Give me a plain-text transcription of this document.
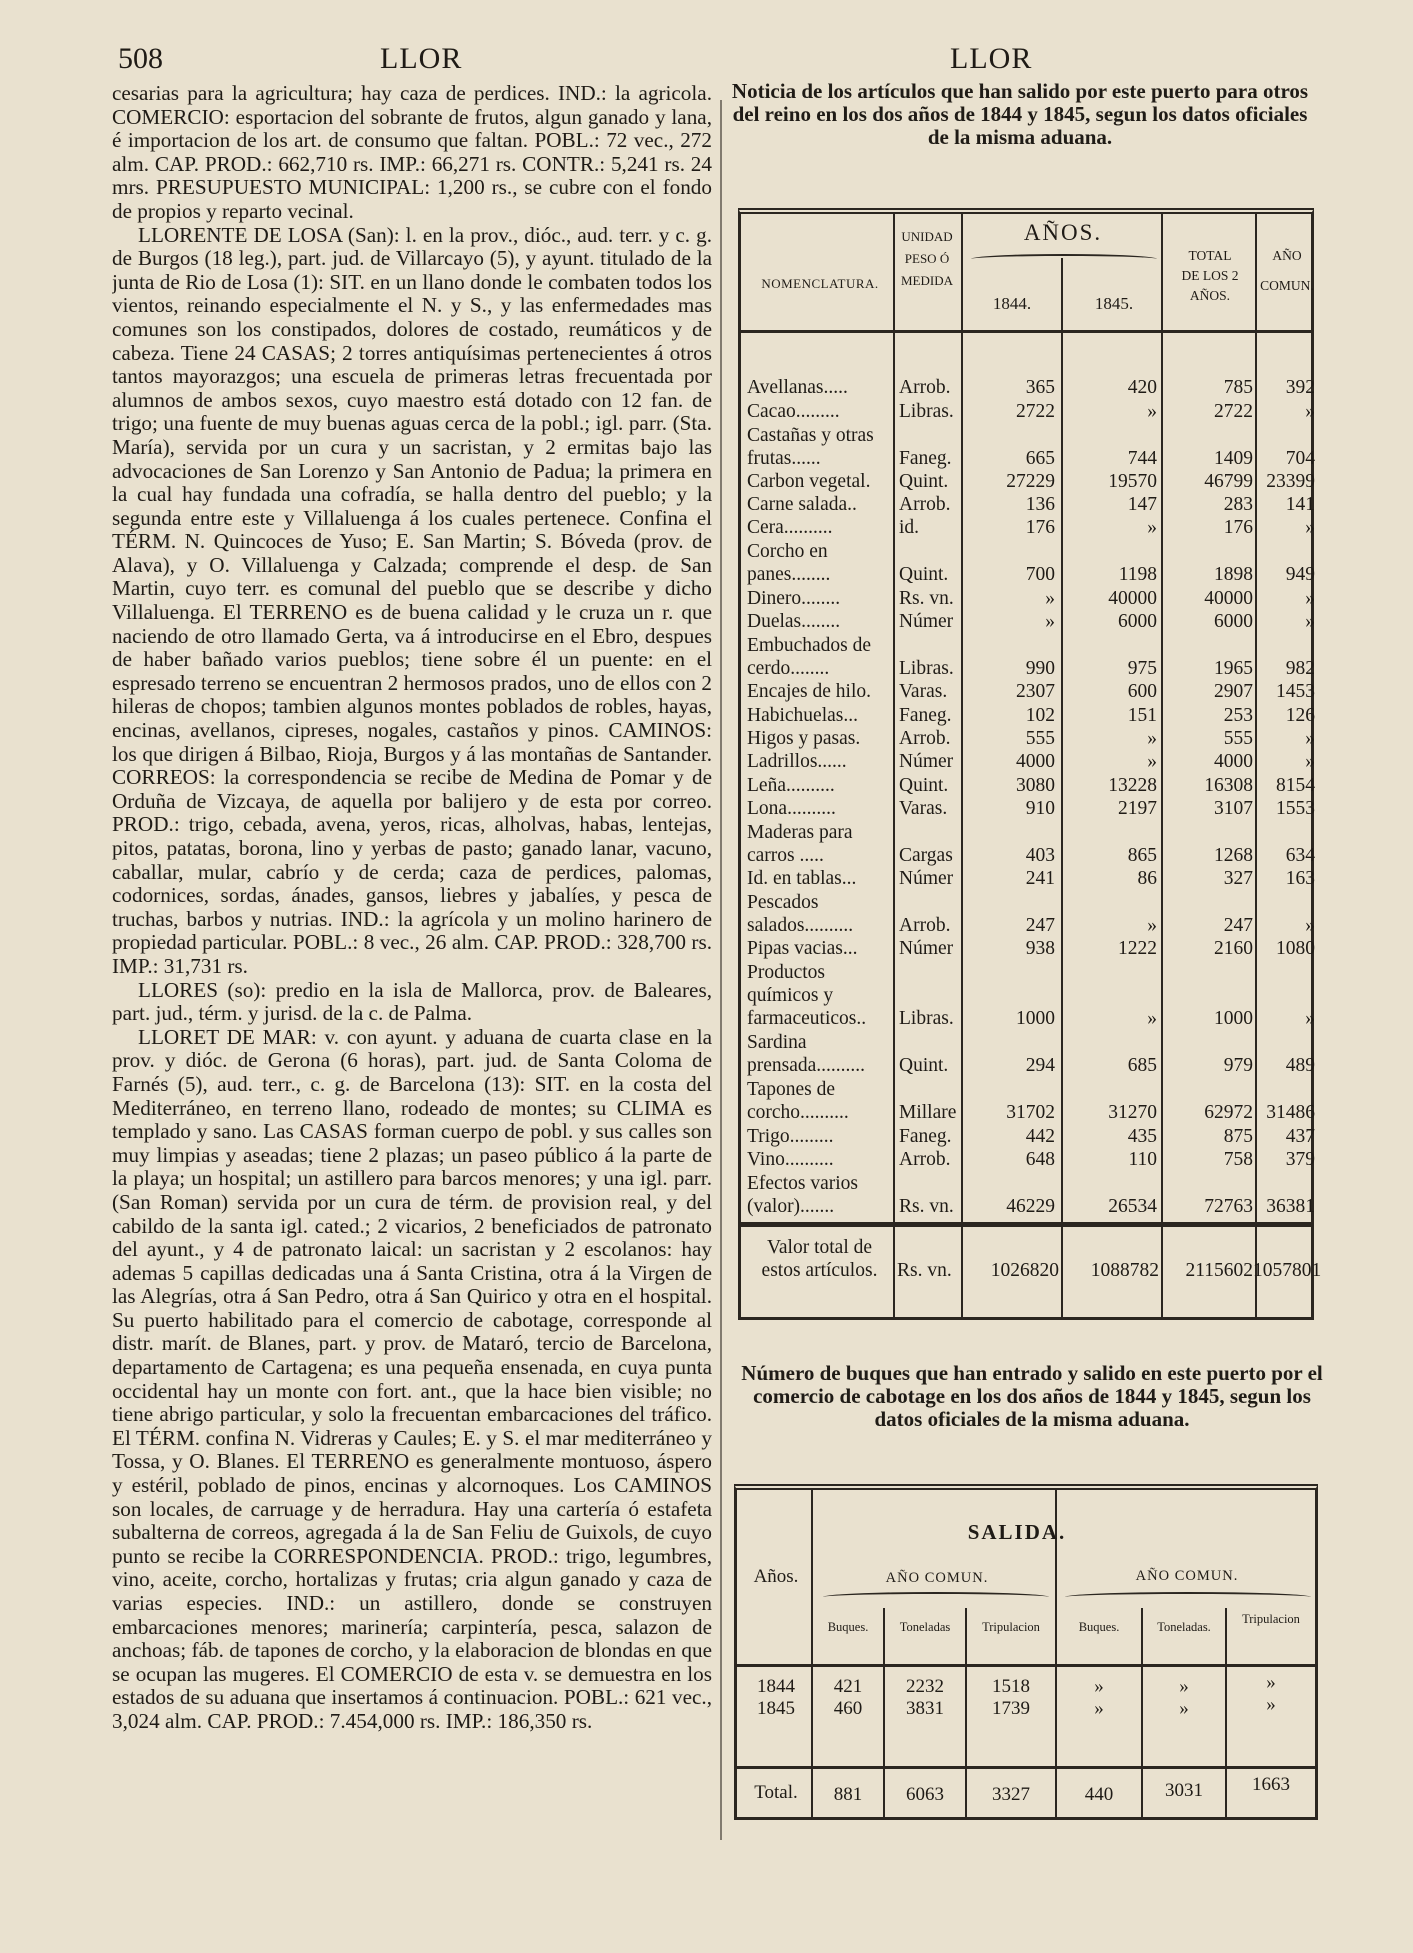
508	LLOR	LLOR

cesarias para la agricultura; hay caza de perdices. IND.: la agricola. COMERCIO: esportacion del sobrante de frutos, algun ganado y lana, é importacion de los art. de consumo que faltan. POBL.: 72 vec., 272 alm. CAP. PROD.: 662,710 rs. IMP.: 66,271 rs. CONTR.: 5,241 rs. 24 mrs. PRESUPUESTO MUNICIPAL: 1,200 rs., se cubre con el fondo de propios y reparto vecinal.

LLORENTE DE LOSA (San): l. en la prov., dióc., aud. terr. y c. g. de Burgos (18 leg.), part. jud. de Villarcayo (5), y ayunt. titulado de la junta de Rio de Losa (1): SIT. en un llano donde le combaten todos los vientos, reinando especialmente el N. y S., y las enfermedades mas comunes son los constipados, dolores de costado, reumáticos y de cabeza. Tiene 24 CASAS; 2 torres antiquísimas pertenecientes á otros tantos mayorazgos; una escuela de primeras letras frecuentada por alumnos de ambos sexos, cuyo maestro está dotado con 12 fan. de trigo; una fuente de muy buenas aguas cerca de la pobl.; igl. parr. (Sta. María), servida por un cura y un sacristan, y 2 ermitas bajo las advocaciones de San Lorenzo y San Antonio de Padua; la primera en la cual hay fundada una cofradía, se halla dentro del pueblo; y la segunda entre este y Villaluenga á los cuales pertenece. Confina el TÉRM. N. Quincoces de Yuso; E. San Martin; S. Bóveda (prov. de Alava), y O. Villaluenga y Calzada; comprende el desp. de San Martin, cuyo terr. es comunal del pueblo que se describe y dicho Villaluenga. El TERRENO es de buena calidad y le cruza un r. que naciendo de otro llamado Gerta, va á introducirse en el Ebro, despues de haber bañado varios pueblos; tiene sobre él un puente: en el espresado terreno se encuentran 2 hermosos prados, uno de ellos con 2 hileras de chopos; tambien algunos montes poblados de robles, hayas, encinas, avellanos, cipreses, nogales, castaños y pinos. CAMINOS: los que dirigen á Bilbao, Rioja, Burgos y á las montañas de Santander. CORREOS: la correspondencia se recibe de Medina de Pomar y de Orduña de Vizcaya, de aquella por balijero y de esta por correo. PROD.: trigo, cebada, avena, yeros, ricas, alholvas, habas, lentejas, pitos, patatas, borona, lino y yerbas de pasto; ganado lanar, vacuno, caballar, mular, cabrío y de cerda; caza de perdices, palomas, codornices, sordas, ánades, gansos, liebres y jabalíes, y pesca de truchas, barbos y nutrias. IND.: la agrícola y un molino harinero de propiedad particular. POBL.: 8 vec., 26 alm. CAP. PROD.: 328,700 rs. IMP.: 31,731 rs.

LLORES (so): predio en la isla de Mallorca, prov. de Baleares, part. jud., térm. y jurisd. de la c. de Palma.

LLORET DE MAR: v. con ayunt. y aduana de cuarta clase en la prov. y dióc. de Gerona (6 horas), part. jud. de Santa Coloma de Farnés (5), aud. terr., c. g. de Barcelona (13): SIT. en la costa del Mediterráneo, en terreno llano, rodeado de montes; su CLIMA es templado y sano. Las CASAS forman cuerpo de pobl. y sus calles son muy limpias y aseadas; tiene 2 plazas; un paseo público á la parte de la playa; un hospital; un astillero para barcos menores; y una igl. parr. (San Roman) servida por un cura de térm. de provision real, y del cabildo de la santa igl. cated.; 2 vicarios, 2 beneficiados de patronato del ayunt., y 4 de patronato laical: un sacristan y 2 escolanos: hay ademas 5 capillas dedicadas una á Santa Cristina, otra á la Virgen de las Alegrías, otra á San Pedro, otra á San Quirico y otra en el hospital. Su puerto habilitado para el comercio de cabotage, corresponde al distr. marít. de Blanes, part. y prov. de Mataró, tercio de Barcelona, departamento de Cartagena; es una pequeña ensenada, en cuya punta occidental hay un monte con fort. ant., que la hace bien visible; no tiene abrigo particular, y solo la frecuentan embarcaciones del tráfico. El TÉRM. confina N. Vidreras y Caules; E. y S. el mar mediterráneo y Tossa, y O. Blanes. El TERRENO es generalmente montuoso, áspero y estéril, poblado de pinos, encinas y alcornoques. Los CAMINOS son locales, de carruage y de herradura. Hay una cartería ó estafeta subalterna de correos, agregada á la de San Feliu de Guixols, de cuyo punto se recibe la CORRESPONDENCIA. PROD.: trigo, legumbres, vino, aceite, corcho, hortalizas y frutas; cria algun ganado y caza de varias especies. IND.: un astillero, donde se construyen embarcaciones menores; marinería; carpintería, pesca, salazon de anchoas; fáb. de tapones de corcho, y la elaboracion de blondas en que se ocupan las mugeres. El COMERCIO de esta v. se demuestra en los estados de su aduana que insertamos á continuacion. POBL.: 621 vec., 3,024 alm. CAP. PROD.: 7.454,000 rs. IMP.: 186,350 rs.

Noticia de los artículos que han salido por este puerto para otros del reino en los dos años de 1844 y 1845, segun los datos oficiales de la misma aduana.
NOMENCLATURA.
UNIDAD
PESO Ó
MEDIDA
AÑOS.
1844.	1845.
TOTAL
DE LOS 2
AÑOS.
AÑO
COMUN.
Avellanas.....	Arrob.	365	420	785	392
Cacao.........	Libras.	2722	»	2722	»
Castañas y otras frutas......	Faneg.	665	744	1409	704
Carbon vegetal.	Quint.	27229	19570	46799 23399
Carne salada..	Arrob.	136	147	283	141
Cera..........	id.	176	»	176	»
Corcho en panes........	Quint.	700	1198	1898	949
Dinero........	Rs. vn.	»	40000	40000	»
Duelas........	Númer	»	6000	6000	»
Embuchados de cerdo........	Libras.	990	975	1965	982
Encajes de hilo.	Varas.	2307	600	2907	1453
Habichuelas...	Faneg.	102	151	253	126
Higos y pasas.	Arrob.	555	»	555	»
Ladrillos......	Númer	4000	»	4000	»
Leña..........	Quint.	3080	13228	16308	8154
Lona..........	Varas.	910	2197	3107	1553
Maderas para carros .....	Cargas	403	865	1268	634
Id. en tablas...	Númer	241	86	327	163
Pescados salados..........	Arrob.	247	»	247	»
Pipas vacias...	Númer	938	1222	2160	1080
Productos químicos y farmaceuticos..	Libras.	1000	»	1000	»
Sardina prensada..........	Quint.	294	685	979	489
Tapones de corcho..........	Millare	31702	31270	62972 31486
Trigo.........	Faneg.	442	435	875	437
Vino..........	Arrob.	648	110	758	379
Efectos varios (valor).......	Rs. vn.	46229	26534	72763 36381
Valor total de estos artículos.	Rs. vn.	1026820	1088782	2115602 1057801
Número de buques que han entrado y salido en este puerto por el comercio de cabotage en los dos años de 1844 y 1845, segun los datos oficiales de la misma aduana.
SALIDA.
Años.	AÑO COMUN.	AÑO COMUN.
Buques.	Toneladas	Tripulacion	Buques.	Toneladas.
Tripulacion
1844	421	2232	1518	»	»	»
1845	460	3831	1739	»	»	»
Total.	881	6063	3327	440	3031	1663
